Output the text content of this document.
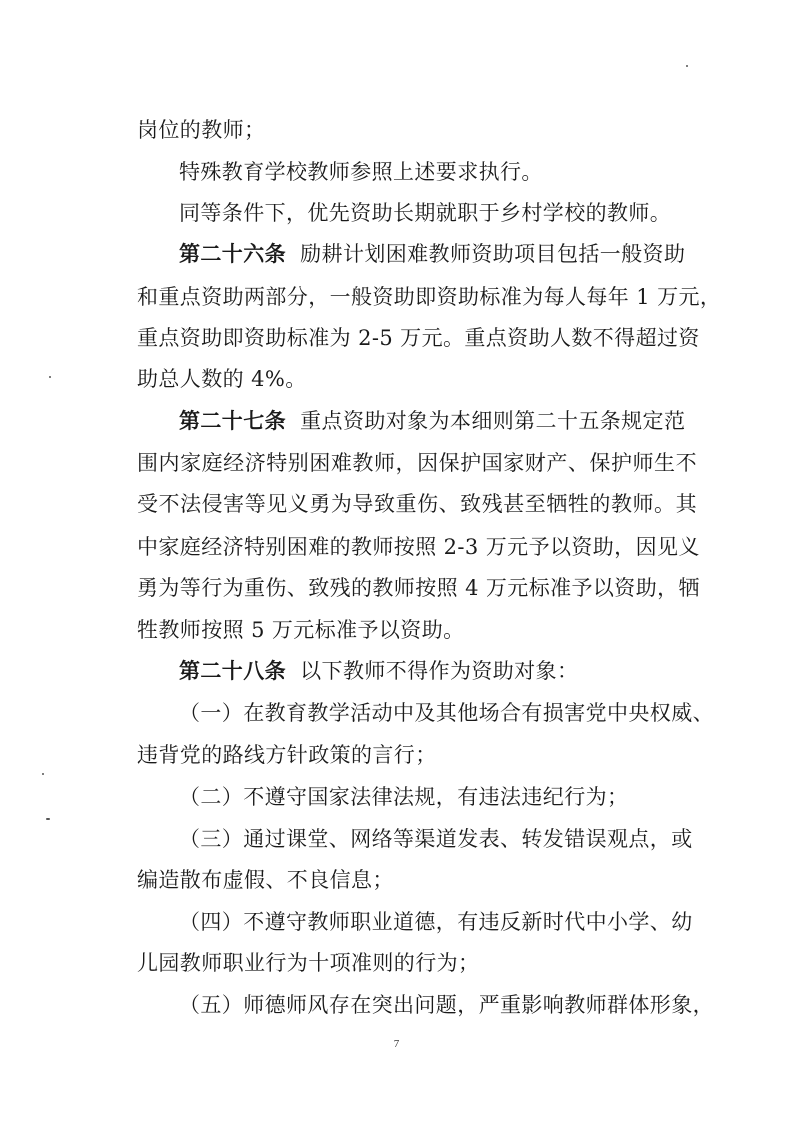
岗位的教师；
特殊教育学校教师参照上述要求执行。
同等条件下，优先资助长期就职于乡村学校的教师。
第二十六条 励耕计划困难教师资助项目包括一般资助
和重点资助两部分，一般资助即资助标准为每人每年 1 万元，
重点资助即资助标准为 2-5 万元。重点资助人数不得超过资
助总人数的 4%。
第二十七条 重点资助对象为本细则第二十五条规定范
围内家庭经济特别困难教师，因保护国家财产、保护师生不
受不法侵害等见义勇为导致重伤、致残甚至牺牲的教师。其
中家庭经济特别困难的教师按照 2-3 万元予以资助，因见义
勇为等行为重伤、致残的教师按照 4 万元标准予以资助，牺
牲教师按照 5 万元标准予以资助。
第二十八条 以下教师不得作为资助对象：
（一）在教育教学活动中及其他场合有损害党中央权威、
违背党的路线方针政策的言行；
（二）不遵守国家法律法规，有违法违纪行为；
（三）通过课堂、网络等渠道发表、转发错误观点，或
编造散布虚假、不良信息；
（四）不遵守教师职业道德，有违反新时代中小学、幼
儿园教师职业行为十项准则的行为；
（五）师德师风存在突出问题，严重影响教师群体形象，
7
